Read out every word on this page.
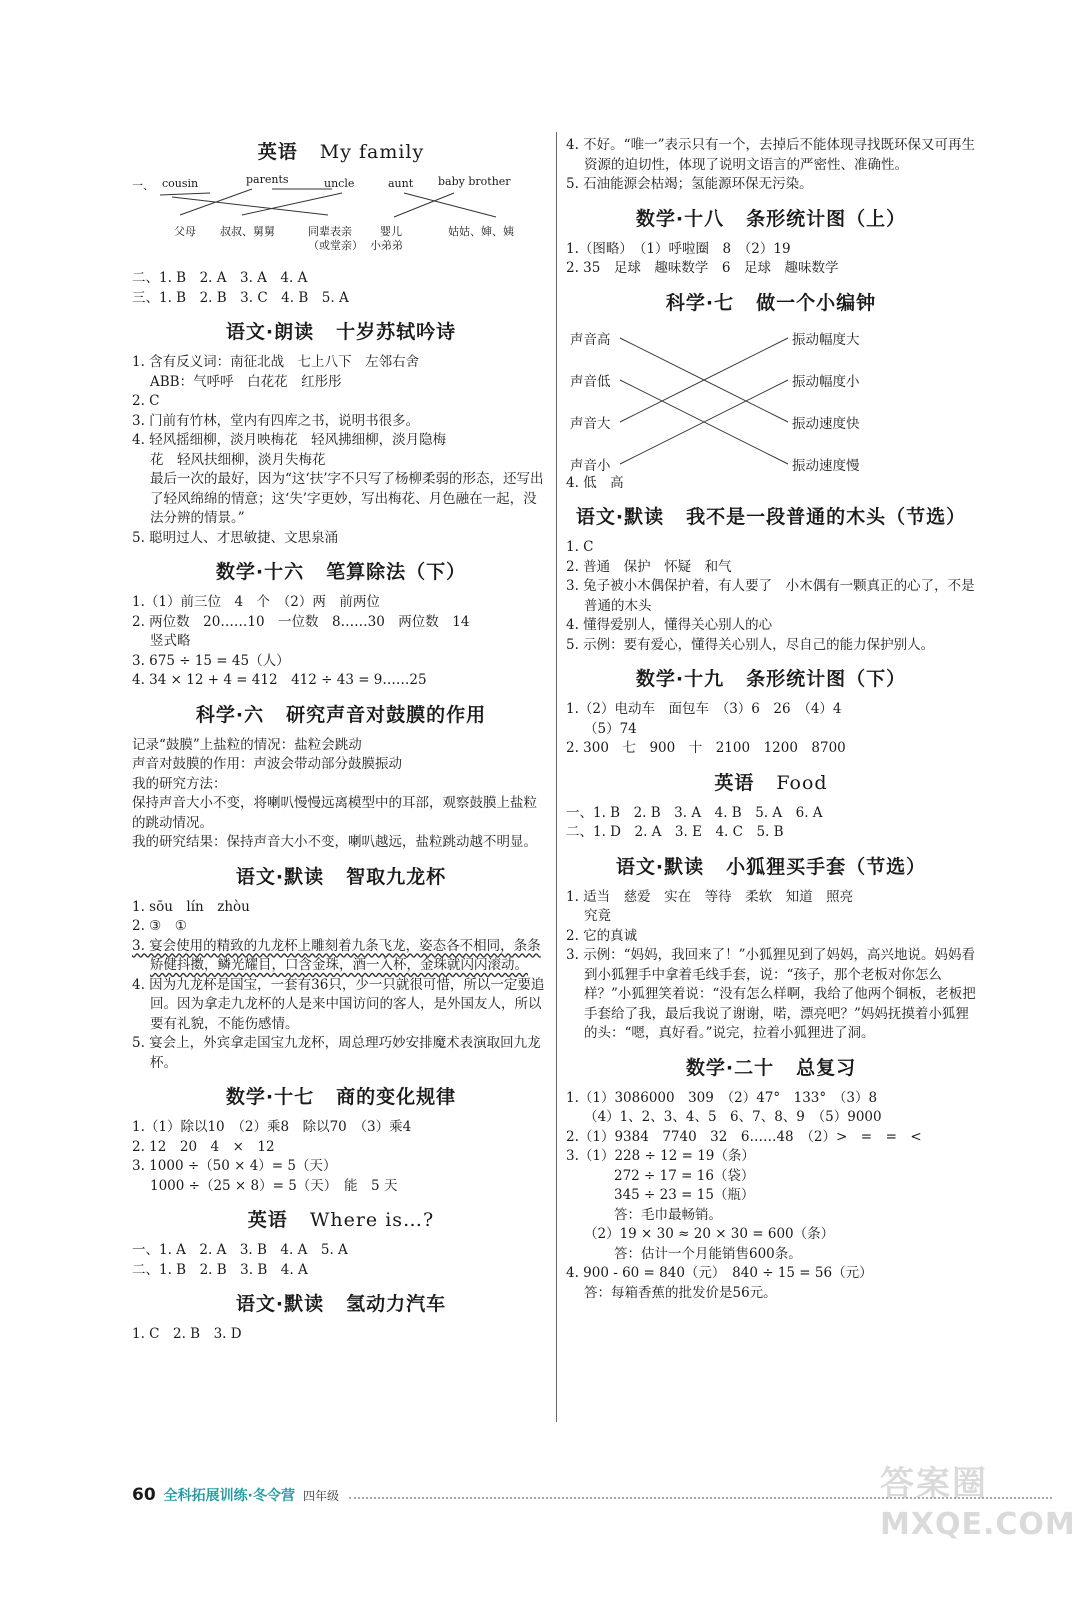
英语 My family
一、 cousin	parents	uncle	aunt baby brother
父母 叔叔、舅舅	同辈表亲
（或堂亲）
婴儿
小弟弟
姑姑、婶、姨

二、1. B　2. A　3. A　4. A

三、1. B　2. B　3. C　4. B　5. A

语文·朗读 十岁苏轼吟诗

1. 含有反义词：南征北战　七上八下　左邻右舍

ABB：气呼呼　白花花　红彤彤

2. C

3. 门前有竹林，堂内有四库之书，说明书很多。

4. 轻风摇细柳，淡月映梅花　轻风拂细柳，淡月隐梅

花　轻风扶细柳，淡月失梅花

最后一次的最好，因为“这‘扶’字不只写了杨柳柔弱的形态，还写出了轻风绵绵的情意；这‘失’字更妙，写出梅花、月色融在一起，没法分辨的情景。”

5. 聪明过人、才思敏捷、文思泉涌

数学·十六 笔算除法（下）

1.（1）前三位　4　个　（2）两　前两位

2. 两位数　20……10　一位数　8……30　两位数　14

竖式略

3. 675 ÷ 15 = 45（人）

4. 34 × 12 + 4 = 412　412 ÷ 43 = 9……25

科学·六 研究声音对鼓膜的作用

记录“鼓膜”上盐粒的情况：盐粒会跳动

声音对鼓膜的作用：声波会带动部分鼓膜振动

我的研究方法：

保持声音大小不变，将喇叭慢慢远离模型中的耳部，观察鼓膜上盐粒的跳动情况。

我的研究结果：保持声音大小不变，喇叭越远，盐粒跳动越不明显。

语文·默读 智取九龙杯

1. sōu　lín　zhòu

2. ③　①

3. 宴会使用的精致的九龙杯上雕刻着九条飞龙，姿态各不相同，条条矫健抖擞，鳞光耀目，口含金珠，酒一入杯，金珠就闪闪滚动。

4. 因为九龙杯是国宝，一套有36只，少一只就很可惜，所以一定要追回。因为拿走九龙杯的人是来中国访问的客人，是外国友人，所以要有礼貌，不能伤感情。

5. 宴会上，外宾拿走国宝九龙杯，周总理巧妙安排魔术表演取回九龙杯。

数学·十七 商的变化规律

1.（1）除以10　（2）乘8　除以70　（3）乘4

2. 12　20　4　×　12

3. 1000 ÷（50 × 4）= 5（天）

1000 ÷（25 × 8）= 5（天）　能　5 天

英语 Where is…?

一、1. A　2. A　3. B　4. A　5. A

二、1. B　2. B　3. B　4. A

语文·默读 氢动力汽车

1. C　2. B　3. D

4. 不好。“唯一”表示只有一个，去掉后不能体现寻找既环保又可再生资源的迫切性，体现了说明文语言的严密性、准确性。

5. 石油能源会枯竭；氢能源环保无污染。

数学·十八 条形统计图（上）

1.（图略）　（1）呼啦圈　8　（2）19

2. 35　足球　趣味数学　6　足球　趣味数学

科学·七 做一个小编钟
声音高
声音低
声音大
声音小
振动幅度大
振动幅度小
振动速度快
振动速度慢

4. 低　高

语文·默读 我不是一段普通的木头（节选）

1. C

2. 普通　保护　怀疑　和气

3. 兔子被小木偶保护着，有人要了　小木偶有一颗真正的心了，不是普通的木头

4. 懂得爱别人，懂得关心别人的心

5. 示例：要有爱心，懂得关心别人，尽自己的能力保护别人。

数学·十九 条形统计图（下）

1.（2）电动车　面包车　（3）6　26　（4）4

（5）74

2. 300　七　900　十　2100　1200　8700

英语 Food

一、1. B　2. B　3. A　4. B　5. A　6. A

二、1. D　2. A　3. E　4. C　5. B

语文·默读 小狐狸买手套（节选）

1. 适当　慈爱　实在　等待　柔软　知道　照亮

究竟

2. 它的真诚

3. 示例：“妈妈，我回来了！”小狐狸见到了妈妈，高兴地说。妈妈看到小狐狸手中拿着毛线手套，说：“孩子，那个老板对你怎么样？”小狐狸笑着说：“没有怎么样啊，我给了他两个铜板，老板把手套给了我，最后我说了谢谢，喏，漂亮吧？”妈妈抚摸着小狐狸的头：“嗯，真好看。”说完，拉着小狐狸进了洞。

数学·二十 总复习

1.（1）3086000　309　（2）47°　133°　（3）8

（4）1、2、3、4、5　6、7、8、9　（5）9000

2.（1）9384　7740　32　6……48　（2）>　=　=　<

3.（1）228 ÷ 12 = 19（条）

272 ÷ 17 = 16（袋）

345 ÷ 23 = 15（瓶）

答：毛巾最畅销。

（2）19 × 30 ≈ 20 × 30 = 600（条）

答：估计一个月能销售600条。

4. 900 - 60 = 840（元）　840 ÷ 15 = 56（元）

答：每箱香蕉的批发价是56元。

60 全科拓展训练·冬令营 四年级	答案圈
MXQE.COM
